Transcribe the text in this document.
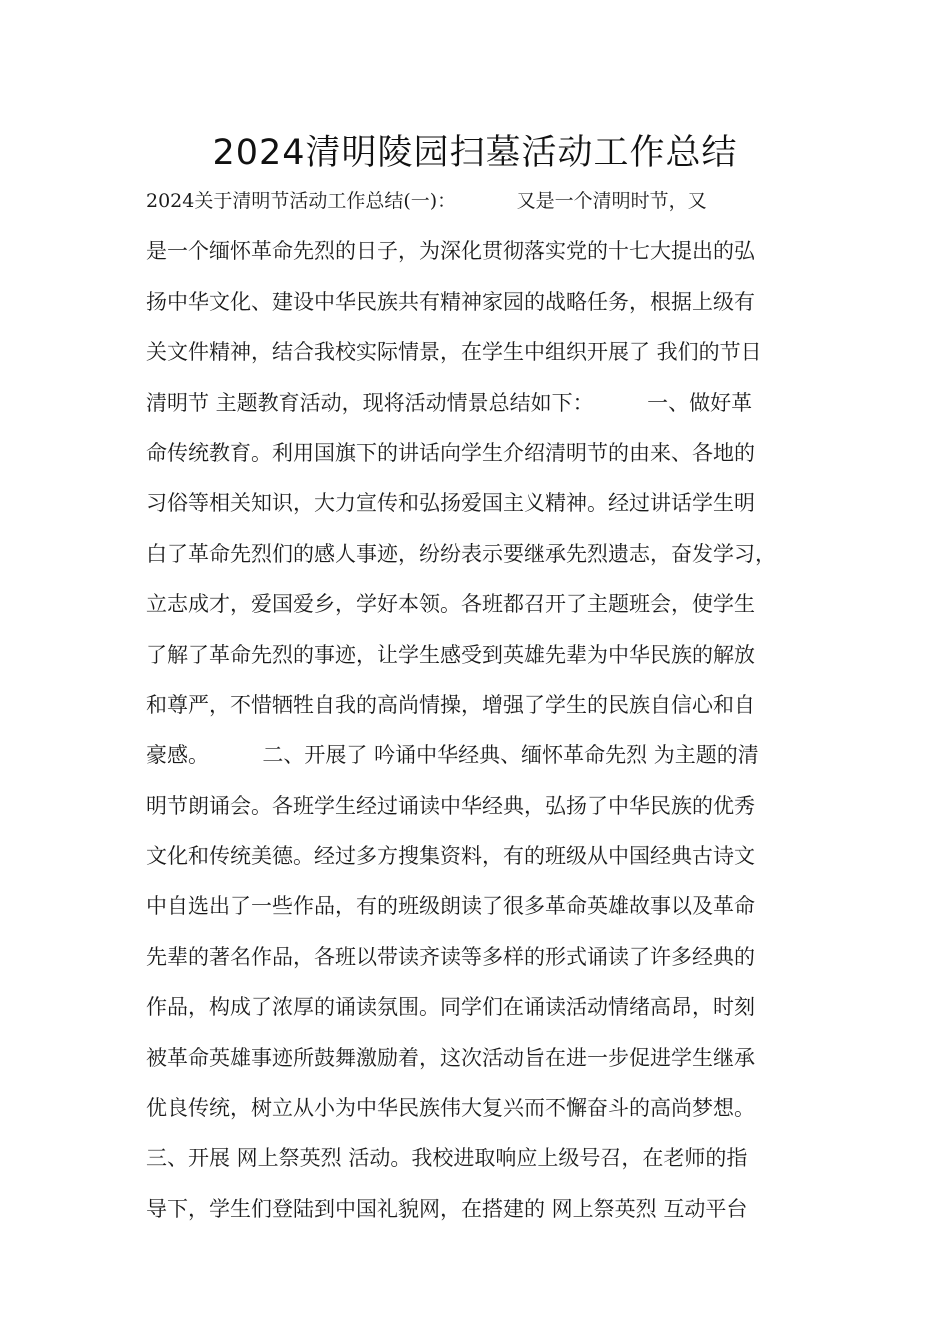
2024清明陵园扫墓活动工作总结
2024关于清明节活动工作总结(一)：          又是一个清明时节，又
是一个缅怀革命先烈的日子，为深化贯彻落实党的十七大提出的弘
扬中华文化、建设中华民族共有精神家园的战略任务，根据上级有
关文件精神，结合我校实际情景，在学生中组织开展了 我们的节日
清明节 主题教育活动，现将活动情景总结如下：        一、做好革
命传统教育。利用国旗下的讲话向学生介绍清明节的由来、各地的
习俗等相关知识，大力宣传和弘扬爱国主义精神。经过讲话学生明
白了革命先烈们的感人事迹，纷纷表示要继承先烈遗志，奋发学习，
立志成才，爱国爱乡，学好本领。各班都召开了主题班会，使学生
了解了革命先烈的事迹，让学生感受到英雄先辈为中华民族的解放
和尊严，不惜牺牲自我的高尚情操，增强了学生的民族自信心和自
豪感。        二、开展了 吟诵中华经典、缅怀革命先烈 为主题的清
明节朗诵会。各班学生经过诵读中华经典，弘扬了中华民族的优秀
文化和传统美德。经过多方搜集资料，有的班级从中国经典古诗文
中自选出了一些作品，有的班级朗读了很多革命英雄故事以及革命
先辈的著名作品，各班以带读齐读等多样的形式诵读了许多经典的
作品，构成了浓厚的诵读氛围。同学们在诵读活动情绪高昂，时刻
被革命英雄事迹所鼓舞激励着，这次活动旨在进一步促进学生继承
优良传统，树立从小为中华民族伟大复兴而不懈奋斗的高尚梦想。
三、开展 网上祭英烈 活动。我校进取响应上级号召，在老师的指
导下，学生们登陆到中国礼貌网，在搭建的 网上祭英烈 互动平台
